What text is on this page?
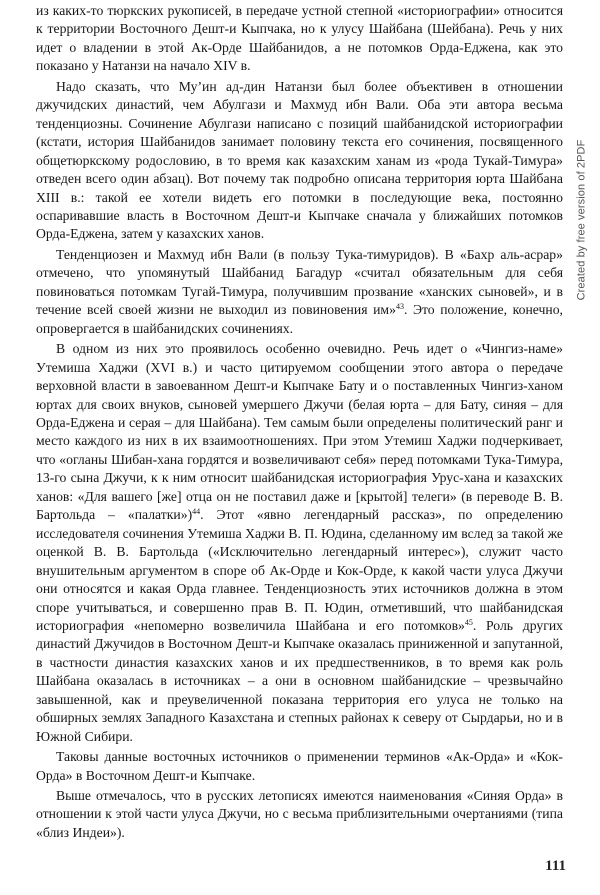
из каких-то тюркских рукописей, в передаче устной степной «историографии» относится к территории Восточного Дешт-и Кыпчака, но к улусу Шайбана (Шейбана). Речь у них идет о владении в этой Ак-Орде Шайбанидов, а не потомков Орда-Еджена, как это показано у Натанзи на начало XIV в.

Надо сказать, что Му’ин ад-дин Натанзи был более объективен в отношении джучидских династий, чем Абулгази и Махмуд ибн Вали. Оба эти автора весьма тенденциозны. Сочинение Абулгази написано с позиций шайбанидской историографии (кстати, история Шайбанидов занимает половину текста его сочинения, посвященного общетюркскому родословию, в то время как казахским ханам из «рода Тукай-Тимура» отведен всего один абзац). Вот почему так подробно описана территория юрта Шайбана XIII в.: такой ее хотели видеть его потомки в последующие века, постоянно оспаривавшие власть в Восточном Дешт-и Кыпчаке сначала у ближайших потомков Орда-Еджена, затем у казахских ханов.

Тенденциозен и Махмуд ибн Вали (в пользу Тука-тимуридов). В «Бахр аль-асрар» отмечено, что упомянутый Шайбанид Багадур «считал обязательным для себя повиноваться потомкам Тугай-Тимура, получившим прозвание «ханских сыновей», и в течение всей своей жизни не выходил из повиновения им»$^{43}$. Это положение, конечно, опровергается в шайбанидских сочинениях.

В одном из них это проявилось особенно очевидно. Речь идет о «Чингиз-наме» Утемиша Хаджи (XVI в.) и часто цитируемом сообщении этого автора о передаче верховной власти в завоеванном Дешт-и Кыпчаке Бату и о поставленных Чингиз-ханом юртах для своих внуков, сыновей умершего Джучи (белая юрта – для Бату, синяя – для Орда-Еджена и серая – для Шайбана). Тем самым были определены политический ранг и место каждого из них в их взаимоотношениях. При этом Утемиш Хаджи подчеркивает, что «огланы Шибан-хана гордятся и возвеличивают себя» перед потомками Тука-Тимура, 13-го сына Джучи, к к ним относит шайбанидская историография Урус-хана и казахских ханов: «Для вашего [же] отца он не поставил даже и [крытой] телеги» (в переводе В. В. Бартольда – «палатки»)$^{44}$. Этот «явно легендарный рассказ», по определению исследователя сочинения Утемиша Хаджи В. П. Юдина, сделанному им вслед за такой же оценкой В. В. Бартольда («Исключительно легендарный интерес»), служит часто внушительным аргументом в споре об Ак-Орде и Кок-Орде, к какой части улуса Джучи они относятся и какая Орда главнее. Тенденциозность этих источников должна в этом споре учитываться, и совершенно прав В. П. Юдин, отметивший, что шайбанидская историография «непомерно возвеличила Шайбана и его потомков»$^{45}$. Роль других династий Джучидов в Восточном Дешт-и Кыпчаке оказалась приниженной и запутанной, в частности династия казахских ханов и их предшественников, в то время как роль Шайбана оказалась в источниках – а они в основном шайбанидские – чрезвычайно завышенной, как и преувеличенной показана территория его улуса не только на обширных землях Западного Казахстана и степных районах к северу от Сырдарьи, но и в Южной Сибири.

Таковы данные восточных источников о применении терминов «Ак-Орда» и «Кок-Орда» в Восточном Дешт-и Кыпчаке.

Выше отмечалось, что в русских летописях имеются наименования «Синяя Орда» в отношении к этой части улуса Джучи, но с весьма приблизительными очертаниями (типа «близ Индеи»).

Created by free version of 2PDF
111
